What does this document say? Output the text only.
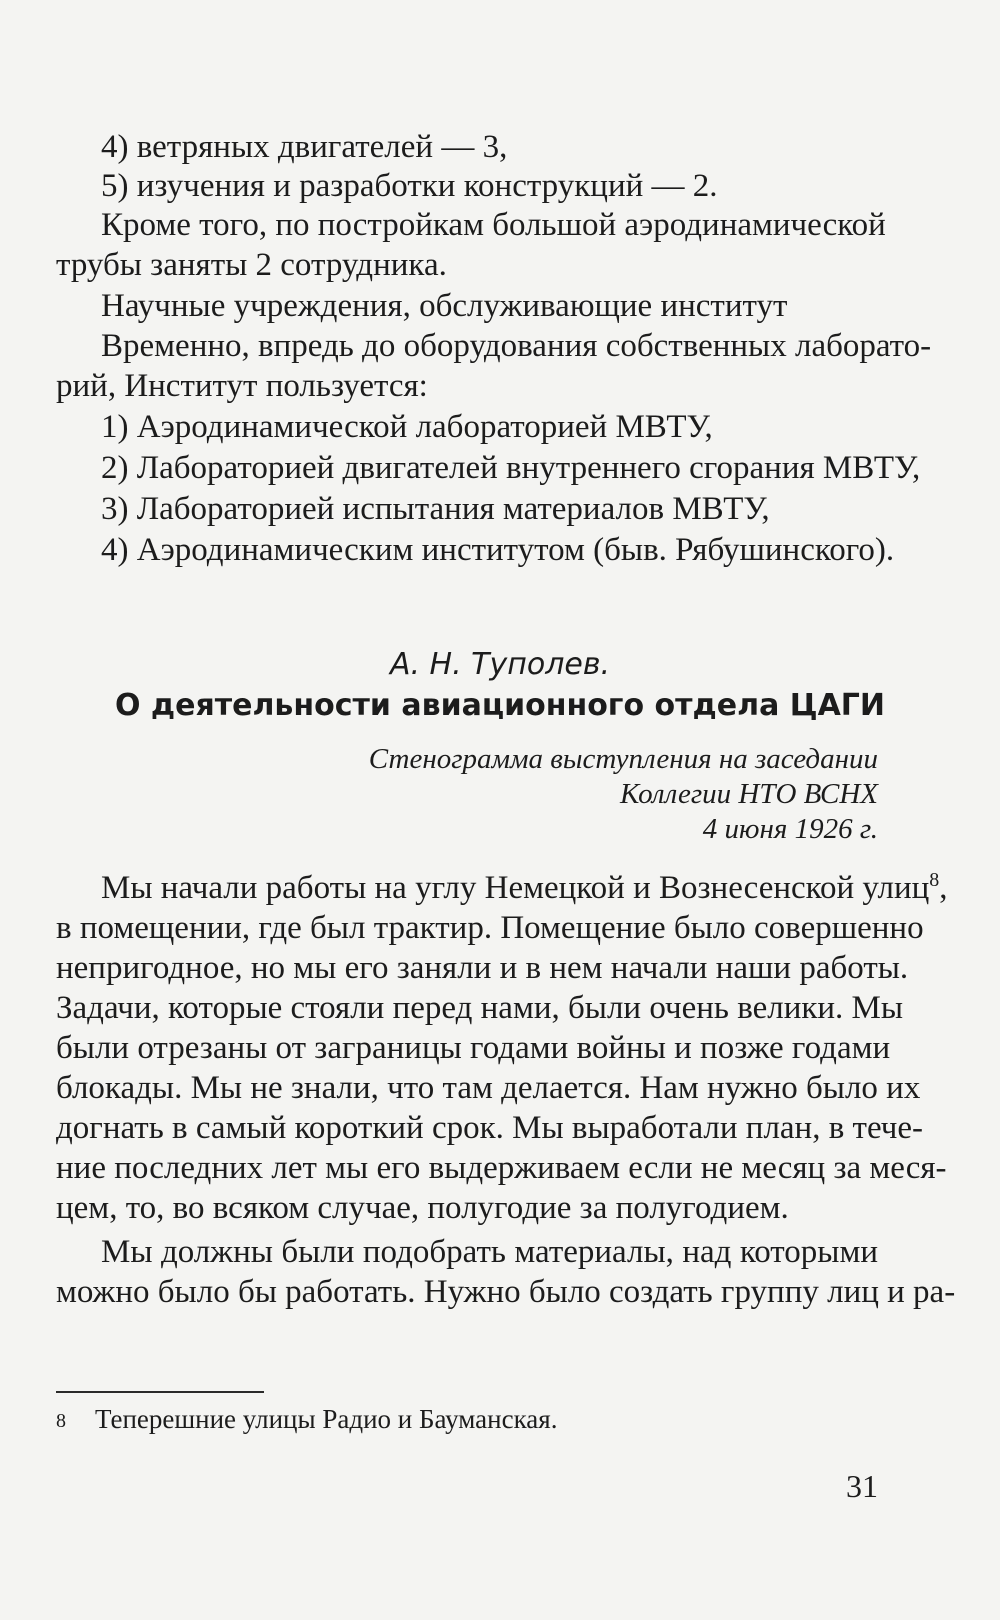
4) ветряных двигателей — 3,
5) изучения и разработки конструкций — 2.
Кроме того, по постройкам большой аэродинамической
трубы заняты 2 сотрудника.
Научные учреждения, обслуживающие институт
Временно, впредь до оборудования собственных лаборато-
рий, Институт пользуется:
1) Аэродинамической лабораторией МВТУ,
2) Лабораторией двигателей внутреннего сгорания МВТУ,
3) Лабораторией испытания материалов МВТУ,
4) Аэродинамическим институтом (быв. Рябушинского).
А. Н. Туполев.
О деятельности авиационного отдела ЦАГИ
Стенограмма выступления на заседании
Коллегии НТО ВСНХ
4 июня 1926 г.
Мы начали работы на углу Немецкой и Вознесенской улиц$^8$,
в помещении, где был трактир. Помещение было совершенно
непригодное, но мы его заняли и в нем начали наши работы.
Задачи, которые стояли перед нами, были очень велики. Мы
были отрезаны от заграницы годами войны и позже годами
блокады. Мы не знали, что там делается. Нам нужно было их
догнать в самый короткий срок. Мы выработали план, в тече-
ние последних лет мы его выдерживаем если не месяц за меся-
цем, то, во всяком случае, полугодие за полугодием.
Мы должны были подобрать материалы, над которыми
можно было бы работать. Нужно было создать группу лиц и ра-
8 Теперешние улицы Радио и Бауманская.
31
